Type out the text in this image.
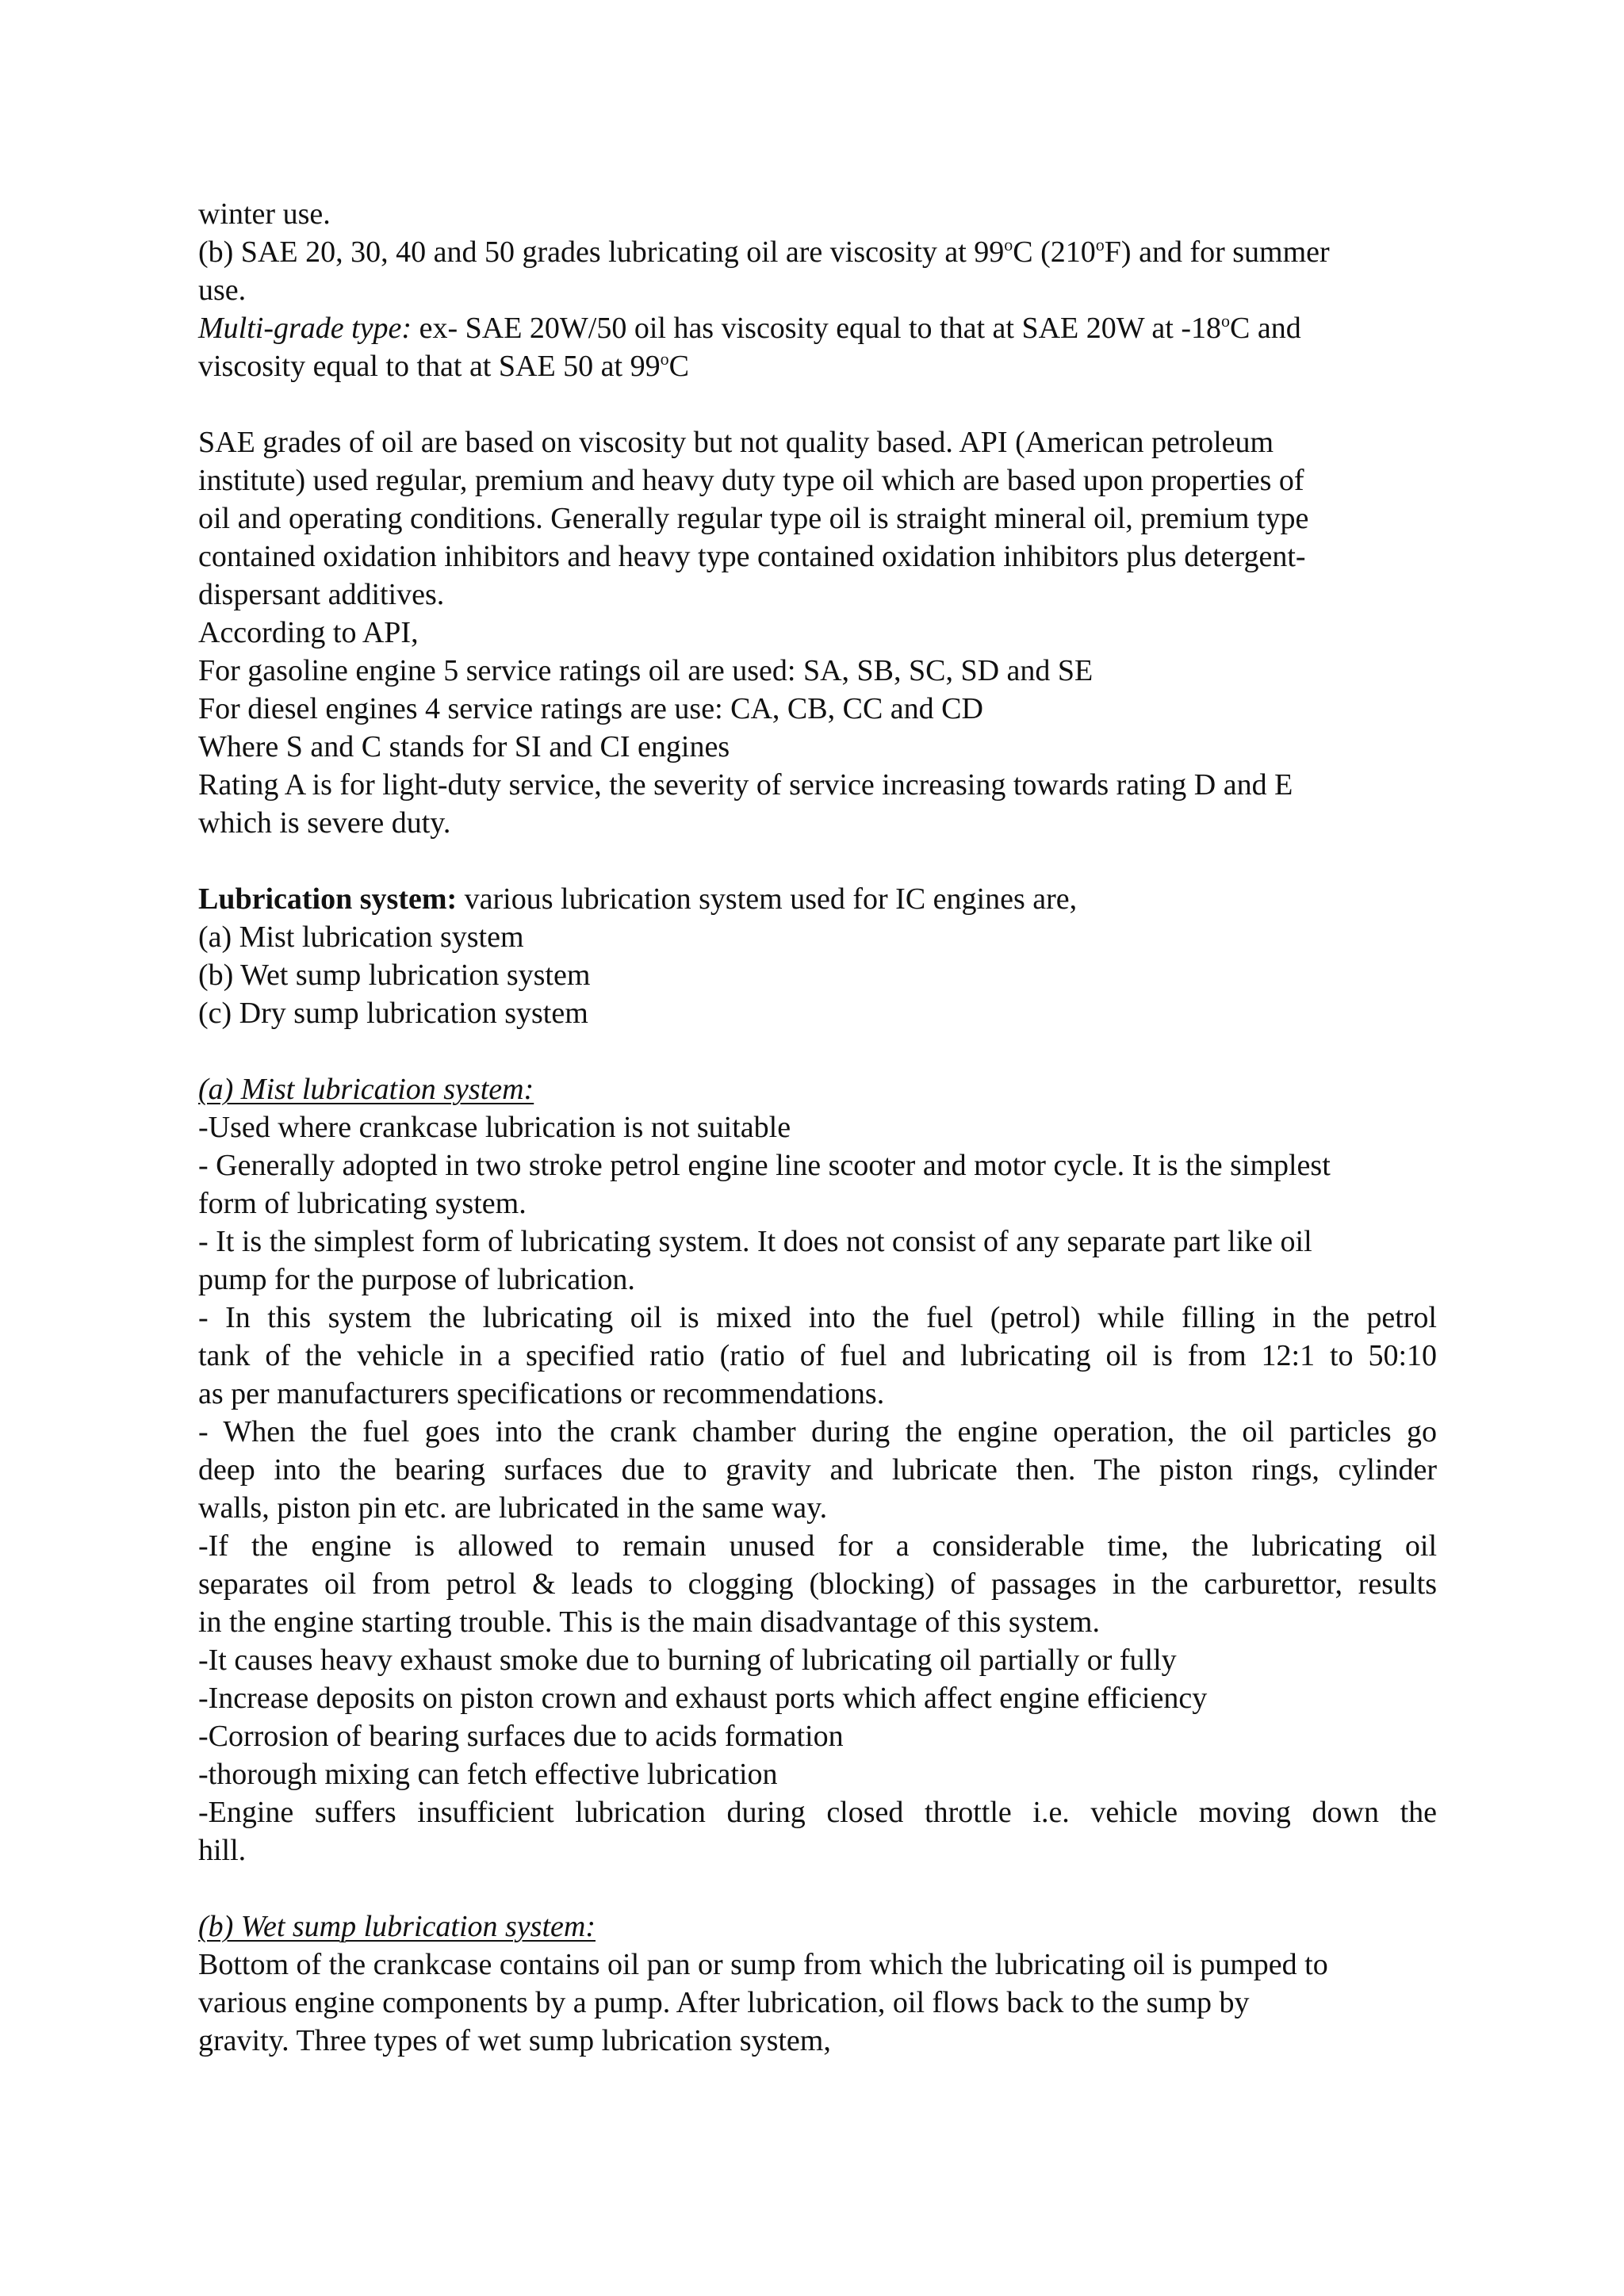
winter use.
(b) SAE 20, 30, 40 and 50 grades lubricating oil are viscosity at 99$^o$C (210$^o$F) and for summer
use.
Multi-grade type: ex- SAE 20W/50 oil has viscosity equal to that at SAE 20W at -18$^o$C and
viscosity equal to that at SAE 50 at 99$^o$C
SAE grades of oil are based on viscosity but not quality based. API (American petroleum
institute) used regular, premium and heavy duty type oil which are based upon properties of
oil and operating conditions. Generally regular type oil is straight mineral oil, premium type
contained oxidation inhibitors and heavy type contained oxidation inhibitors plus detergent-
dispersant additives.
According to API,
For gasoline engine 5 service ratings oil are used: SA, SB, SC, SD and SE
For diesel engines 4 service ratings are use: CA, CB, CC and CD
Where S and C stands for SI and CI engines
Rating A is for light-duty service, the severity of service increasing towards rating D and E
which is severe duty.
Lubrication system: various lubrication system used for IC engines are,
(a) Mist lubrication system
(b) Wet sump lubrication system
(c) Dry sump lubrication system
(a) Mist lubrication system:
-Used where crankcase lubrication is not suitable
- Generally adopted in two stroke petrol engine line scooter and motor cycle. It is the simplest
form of lubricating system.
- It is the simplest form of lubricating system. It does not consist of any separate part like oil
pump for the purpose of lubrication.
- In this system the lubricating oil is mixed into the fuel (petrol) while filling in the petrol
tank of the vehicle in a specified ratio (ratio of fuel and lubricating oil is from 12:1 to 50:10
as per manufacturers specifications or recommendations.
- When the fuel goes into the crank chamber during the engine operation, the oil particles go
deep into the bearing surfaces due to gravity and lubricate then. The piston rings, cylinder
walls, piston pin etc. are lubricated in the same way.
-If the engine is allowed to remain unused for a considerable time, the lubricating oil
separates oil from petrol & leads to clogging (blocking) of passages in the carburettor, results
in the engine starting trouble. This is the main disadvantage of this system.
-It causes heavy exhaust smoke due to burning of lubricating oil partially or fully
-Increase deposits on piston crown and exhaust ports which affect engine efficiency
-Corrosion of bearing surfaces due to acids formation
-thorough mixing can fetch effective lubrication
-Engine suffers insufficient lubrication during closed throttle i.e. vehicle moving down the
hill.
(b) Wet sump lubrication system:
Bottom of the crankcase contains oil pan or sump from which the lubricating oil is pumped to
various engine components by a pump. After lubrication, oil flows back to the sump by
gravity. Three types of wet sump lubrication system,
